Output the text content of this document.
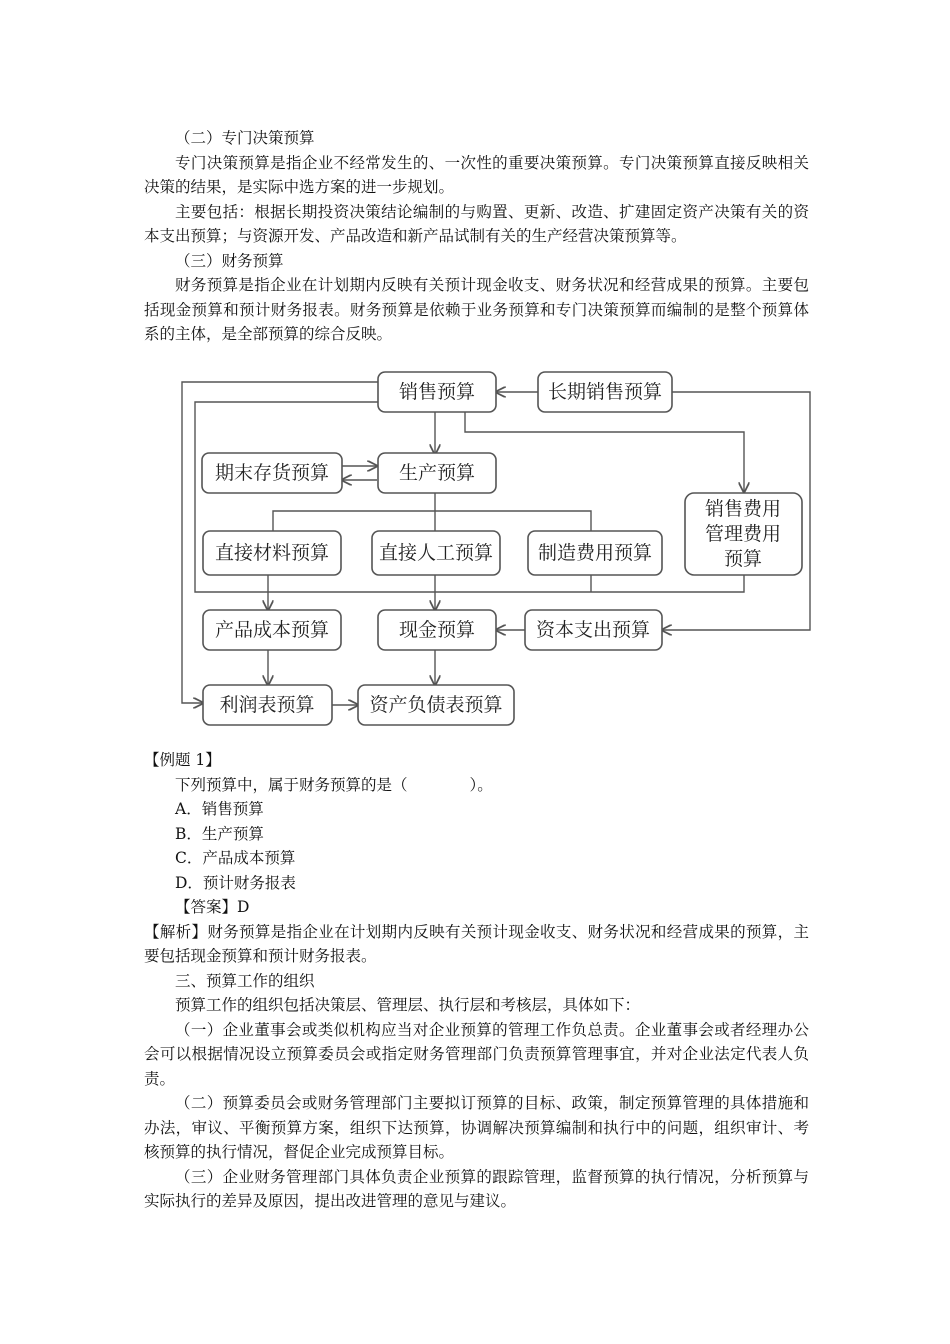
（二）专门决策预算

专门决策预算是指企业不经常发生的、一次性的重要决策预算。专门决策预算直接反映相关决策的结果，是实际中选方案的进一步规划。

主要包括：根据长期投资决策结论编制的与购置、更新、改造、扩建固定资产决策有关的资本支出预算；与资源开发、产品改造和新产品试制有关的生产经营决策预算等。

（三）财务预算

财务预算是指企业在计划期内反映有关预计现金收支、财务状况和经营成果的预算。主要包括现金预算和预计财务报表。财务预算是依赖于业务预算和专门决策预算而编制的是整个预算体系的主体，是全部预算的综合反映。

销售预算	长期销售预算
期末存货预算	生产预算
销售费用
管理费用
预算
直接材料预算	直接人工预算 制造费用预算
产品成本预算	现金预算	资本支出预算
利润表预算	资产负债表预算

【例题 1】

下列预算中，属于财务预算的是（　　　　）。

A．销售预算

B．生产预算

C．产品成本预算

D．预计财务报表

【答案】D

【解析】财务预算是指企业在计划期内反映有关预计现金收支、财务状况和经营成果的预算，主要包括现金预算和预计财务报表。

三、预算工作的组织

预算工作的组织包括决策层、管理层、执行层和考核层，具体如下：

（一）企业董事会或类似机构应当对企业预算的管理工作负总责。企业董事会或者经理办公会可以根据情况设立预算委员会或指定财务管理部门负责预算管理事宜，并对企业法定代表人负责。

（二）预算委员会或财务管理部门主要拟订预算的目标、政策，制定预算管理的具体措施和办法，审议、平衡预算方案，组织下达预算，协调解决预算编制和执行中的问题，组织审计、考核预算的执行情况，督促企业完成预算目标。

（三）企业财务管理部门具体负责企业预算的跟踪管理，监督预算的执行情况，分析预算与实际执行的差异及原因，提出改进管理的意见与建议。
